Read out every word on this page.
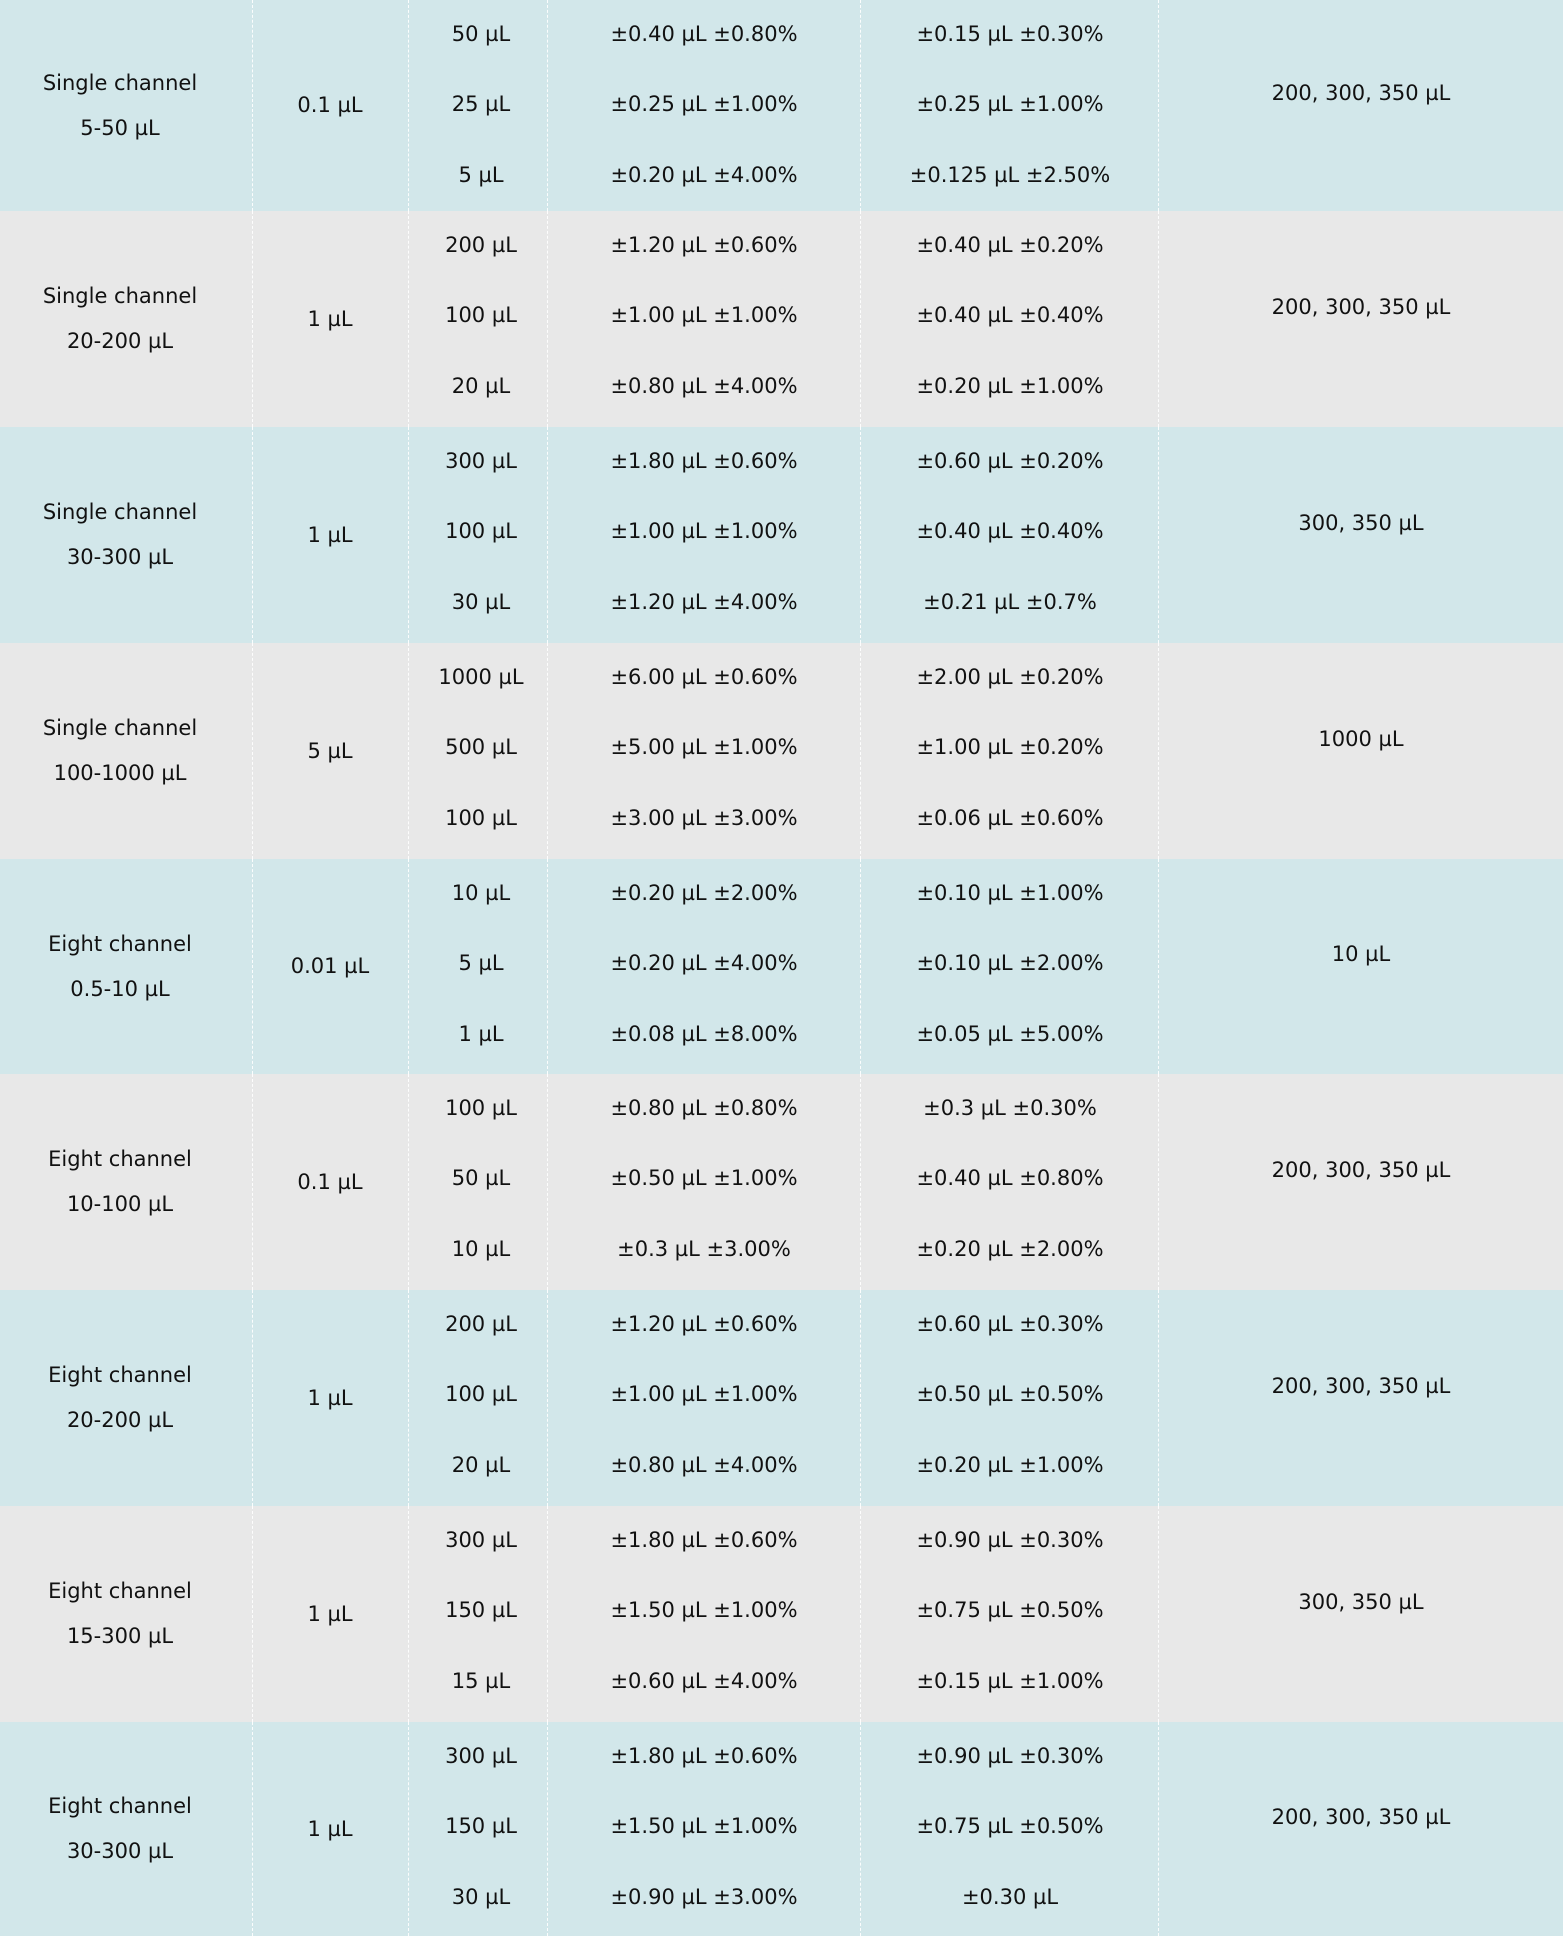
Single channel
5-50 µL
0.1 µL
50 µL
25 µL
5 µL
±0.40 µL ±0.80%
±0.25 µL ±1.00%
±0.20 µL ±4.00%
±0.15 µL ±0.30%
±0.25 µL ±1.00%
±0.125 µL ±2.50%
200, 300, 350 µL
Single channel
20-200 µL
1 µL
200 µL
100 µL
20 µL
±1.20 µL ±0.60%
±1.00 µL ±1.00%
±0.80 µL ±4.00%
±0.40 µL ±0.20%
±0.40 µL ±0.40%
±0.20 µL ±1.00%
200, 300, 350 µL
Single channel
30-300 µL
1 µL
300 µL
100 µL
30 µL
±1.80 µL ±0.60%
±1.00 µL ±1.00%
±1.20 µL ±4.00%
±0.60 µL ±0.20%
±0.40 µL ±0.40%
±0.21 µL ±0.7%
300, 350 µL
Single channel
100-1000 µL
5 µL
1000 µL
500 µL
100 µL
±6.00 µL ±0.60%
±5.00 µL ±1.00%
±3.00 µL ±3.00%
±2.00 µL ±0.20%
±1.00 µL ±0.20%
±0.06 µL ±0.60%
1000 µL
Eight channel
0.5-10 µL
0.01 µL
10 µL
5 µL
1 µL
±0.20 µL ±2.00%
±0.20 µL ±4.00%
±0.08 µL ±8.00%
±0.10 µL ±1.00%
±0.10 µL ±2.00%
±0.05 µL ±5.00%
10 µL
Eight channel
10-100 µL
0.1 µL
100 µL
50 µL
10 µL
±0.80 µL ±0.80%
±0.50 µL ±1.00%
±0.3 µL ±3.00%
±0.3 µL ±0.30%
±0.40 µL ±0.80%
±0.20 µL ±2.00%
200, 300, 350 µL
Eight channel
20-200 µL
1 µL
200 µL
100 µL
20 µL
±1.20 µL ±0.60%
±1.00 µL ±1.00%
±0.80 µL ±4.00%
±0.60 µL ±0.30%
±0.50 µL ±0.50%
±0.20 µL ±1.00%
200, 300, 350 µL
Eight channel
15-300 µL
1 µL
300 µL
150 µL
15 µL
±1.80 µL ±0.60%
±1.50 µL ±1.00%
±0.60 µL ±4.00%
±0.90 µL ±0.30%
±0.75 µL ±0.50%
±0.15 µL ±1.00%
300, 350 µL
Eight channel
30-300 µL
1 µL
300 µL
150 µL
30 µL
±1.80 µL ±0.60%
±1.50 µL ±1.00%
±0.90 µL ±3.00%
±0.90 µL ±0.30%
±0.75 µL ±0.50%
±0.30 µL
200, 300, 350 µL
